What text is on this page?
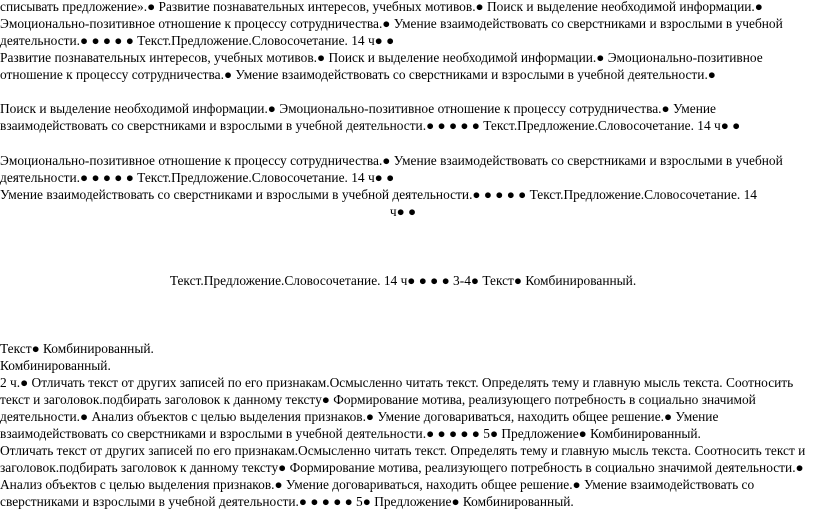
списывать предложение».● Развитие познавательных интересов, учебных мотивов.● Поиск и выделение необходимой информации.● Эмоционально-позитивное отношение к процессу сотрудничества.● Умение взаимодействовать со сверстниками и взрослыми в учебной деятельности.● ● ● ● ● Текст.Предложение.Словосочетание. 14 ч● ●

Развитие познавательных интересов, учебных мотивов.● Поиск и выделение необходимой информации.● Эмоционально-позитивное отношение к процессу сотрудничества.● Умение взаимодействовать со сверстниками и взрослыми в учебной деятельности.●

Поиск и выделение необходимой информации.● Эмоционально-позитивное отношение к процессу сотрудничества.● Умение взаимодействовать со сверстниками и взрослыми в учебной деятельности.● ● ● ● ● Текст.Предложение.Словосочетание. 14 ч● ●

Эмоционально-позитивное отношение к процессу сотрудничества.● Умение взаимодействовать со сверстниками и взрослыми в учебной деятельности.● ● ● ● ● Текст.Предложение.Словосочетание. 14 ч● ●

Умение взаимодействовать со сверстниками и взрослыми в учебной деятельности.● ● ● ● ● Текст.Предложение.Словосочетание. 14

ч● ●

Текст.Предложение.Словосочетание. 14 ч● ● ● ● 3-4● Текст● Комбинированный.

Текст● Комбинированный.

Комбинированный.

2 ч.● Отличать текст от других записей по его признакам.Осмысленно читать текст. Определять тему и главную мысль текста. Соотносить текст и заголовок.подбирать заголовок к данному тексту● Формирование мотива, реализующего потребность в социально значимой деятельности.● Анализ объектов с целью выделения признаков.● Умение договариваться, находить общее решение.● Умение взаимодействовать со сверстниками и взрослыми в учебной деятельности.● ● ● ● ● 5● Предложение● Комбинированный.

Отличать текст от других записей по его признакам.Осмысленно читать текст. Определять тему и главную мысль текста. Соотносить текст и заголовок.подбирать заголовок к данному тексту● Формирование мотива, реализующего потребность в социально значимой деятельности.● Анализ объектов с целью выделения признаков.● Умение договариваться, находить общее решение.● Умение взаимодействовать со сверстниками и взрослыми в учебной деятельности.● ● ● ● ● 5● Предложение● Комбинированный.
